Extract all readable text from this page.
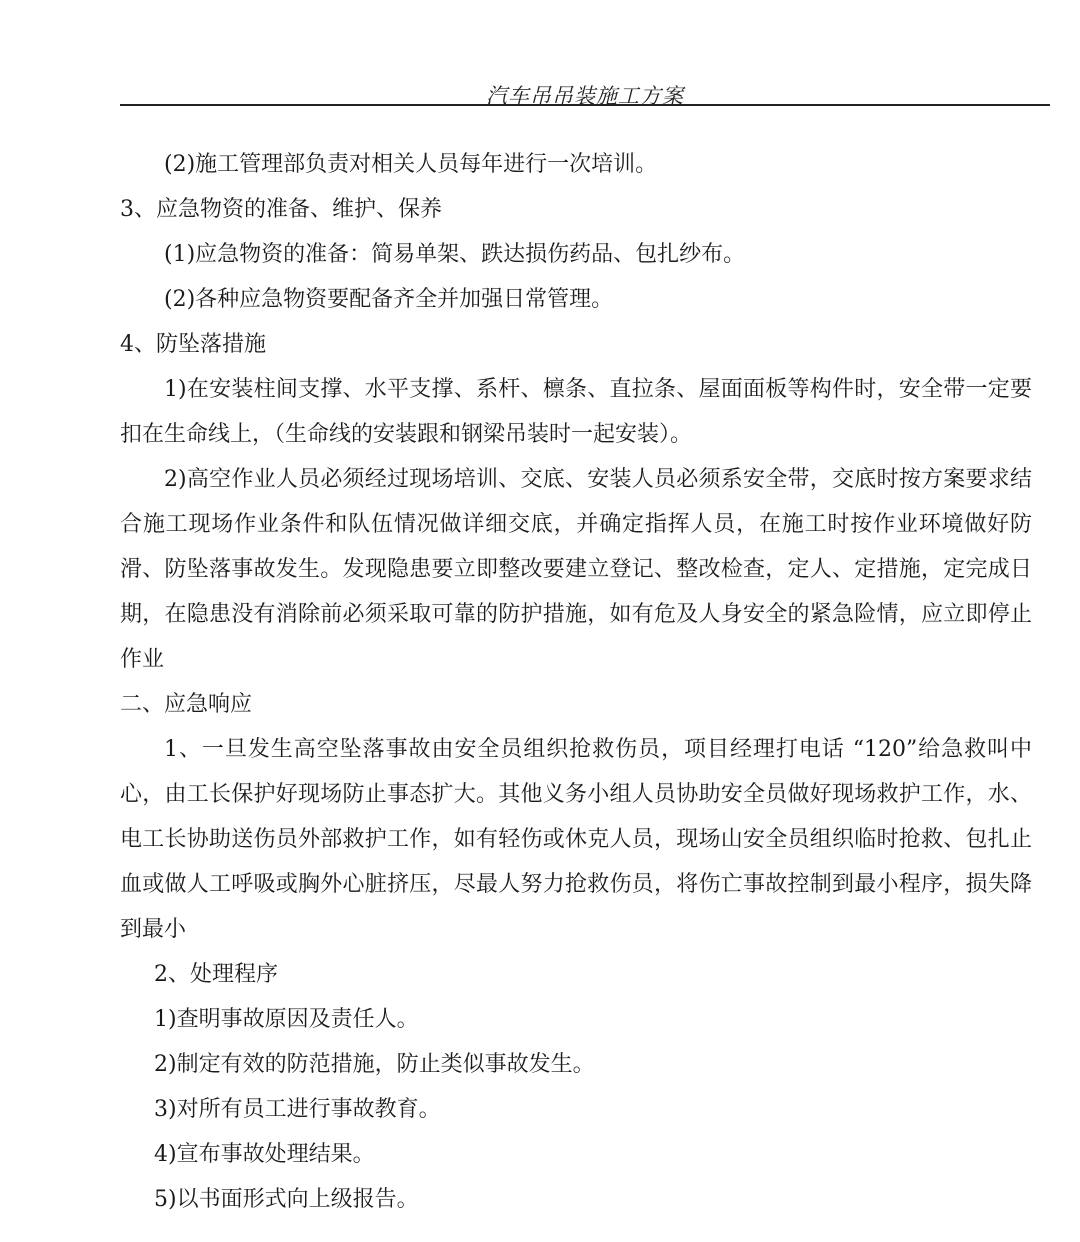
汽车吊吊装施工方案
(2)施工管理部负责对相关人员每年进行一次培训。
3、应急物资的准备、维护、保养
(1)应急物资的准备：简易单架、跌达损伤药品、包扎纱布。
(2)各种应急物资要配备齐全并加强日常管理。
4、防坠落措施
1)在安装柱间支撑、水平支撑、系杆、檩条、直拉条、屋面面板等构件时，安全带一定要扣在生命线上，（生命线的安装跟和钢梁吊装时一起安装）。
2)高空作业人员必须经过现场培训、交底、安装人员必须系安全带，交底时按方案要求结合施工现场作业条件和队伍情况做详细交底，并确定指挥人员，在施工时按作业环境做好防滑、防坠落事故发生。发现隐患要立即整改要建立登记、整改检查，定人、定措施，定完成日期，在隐患没有消除前必须采取可靠的防护措施，如有危及人身安全的紧急险情，应立即停止作业
二、应急响应
1、一旦发生高空坠落事故由安全员组织抢救伤员，项目经理打电话 “120”给急救叫中心，由工长保护好现场防止事态扩大。其他义务小组人员协助安全员做好现场救护工作，水、电工长协助送伤员外部救护工作，如有轻伤或休克人员，现场山安全员组织临时抢救、包扎止血或做人工呼吸或胸外心脏挤压，尽最人努力抢救伤员，将伤亡事故控制到最小程序，损失降到最小
2、处理程序
1)查明事故原因及责任人。
2)制定有效的防范措施，防止类似事故发生。
3)对所有员工进行事故教育。
4)宣布事故处理结果。
5)以书面形式向上级报告。
